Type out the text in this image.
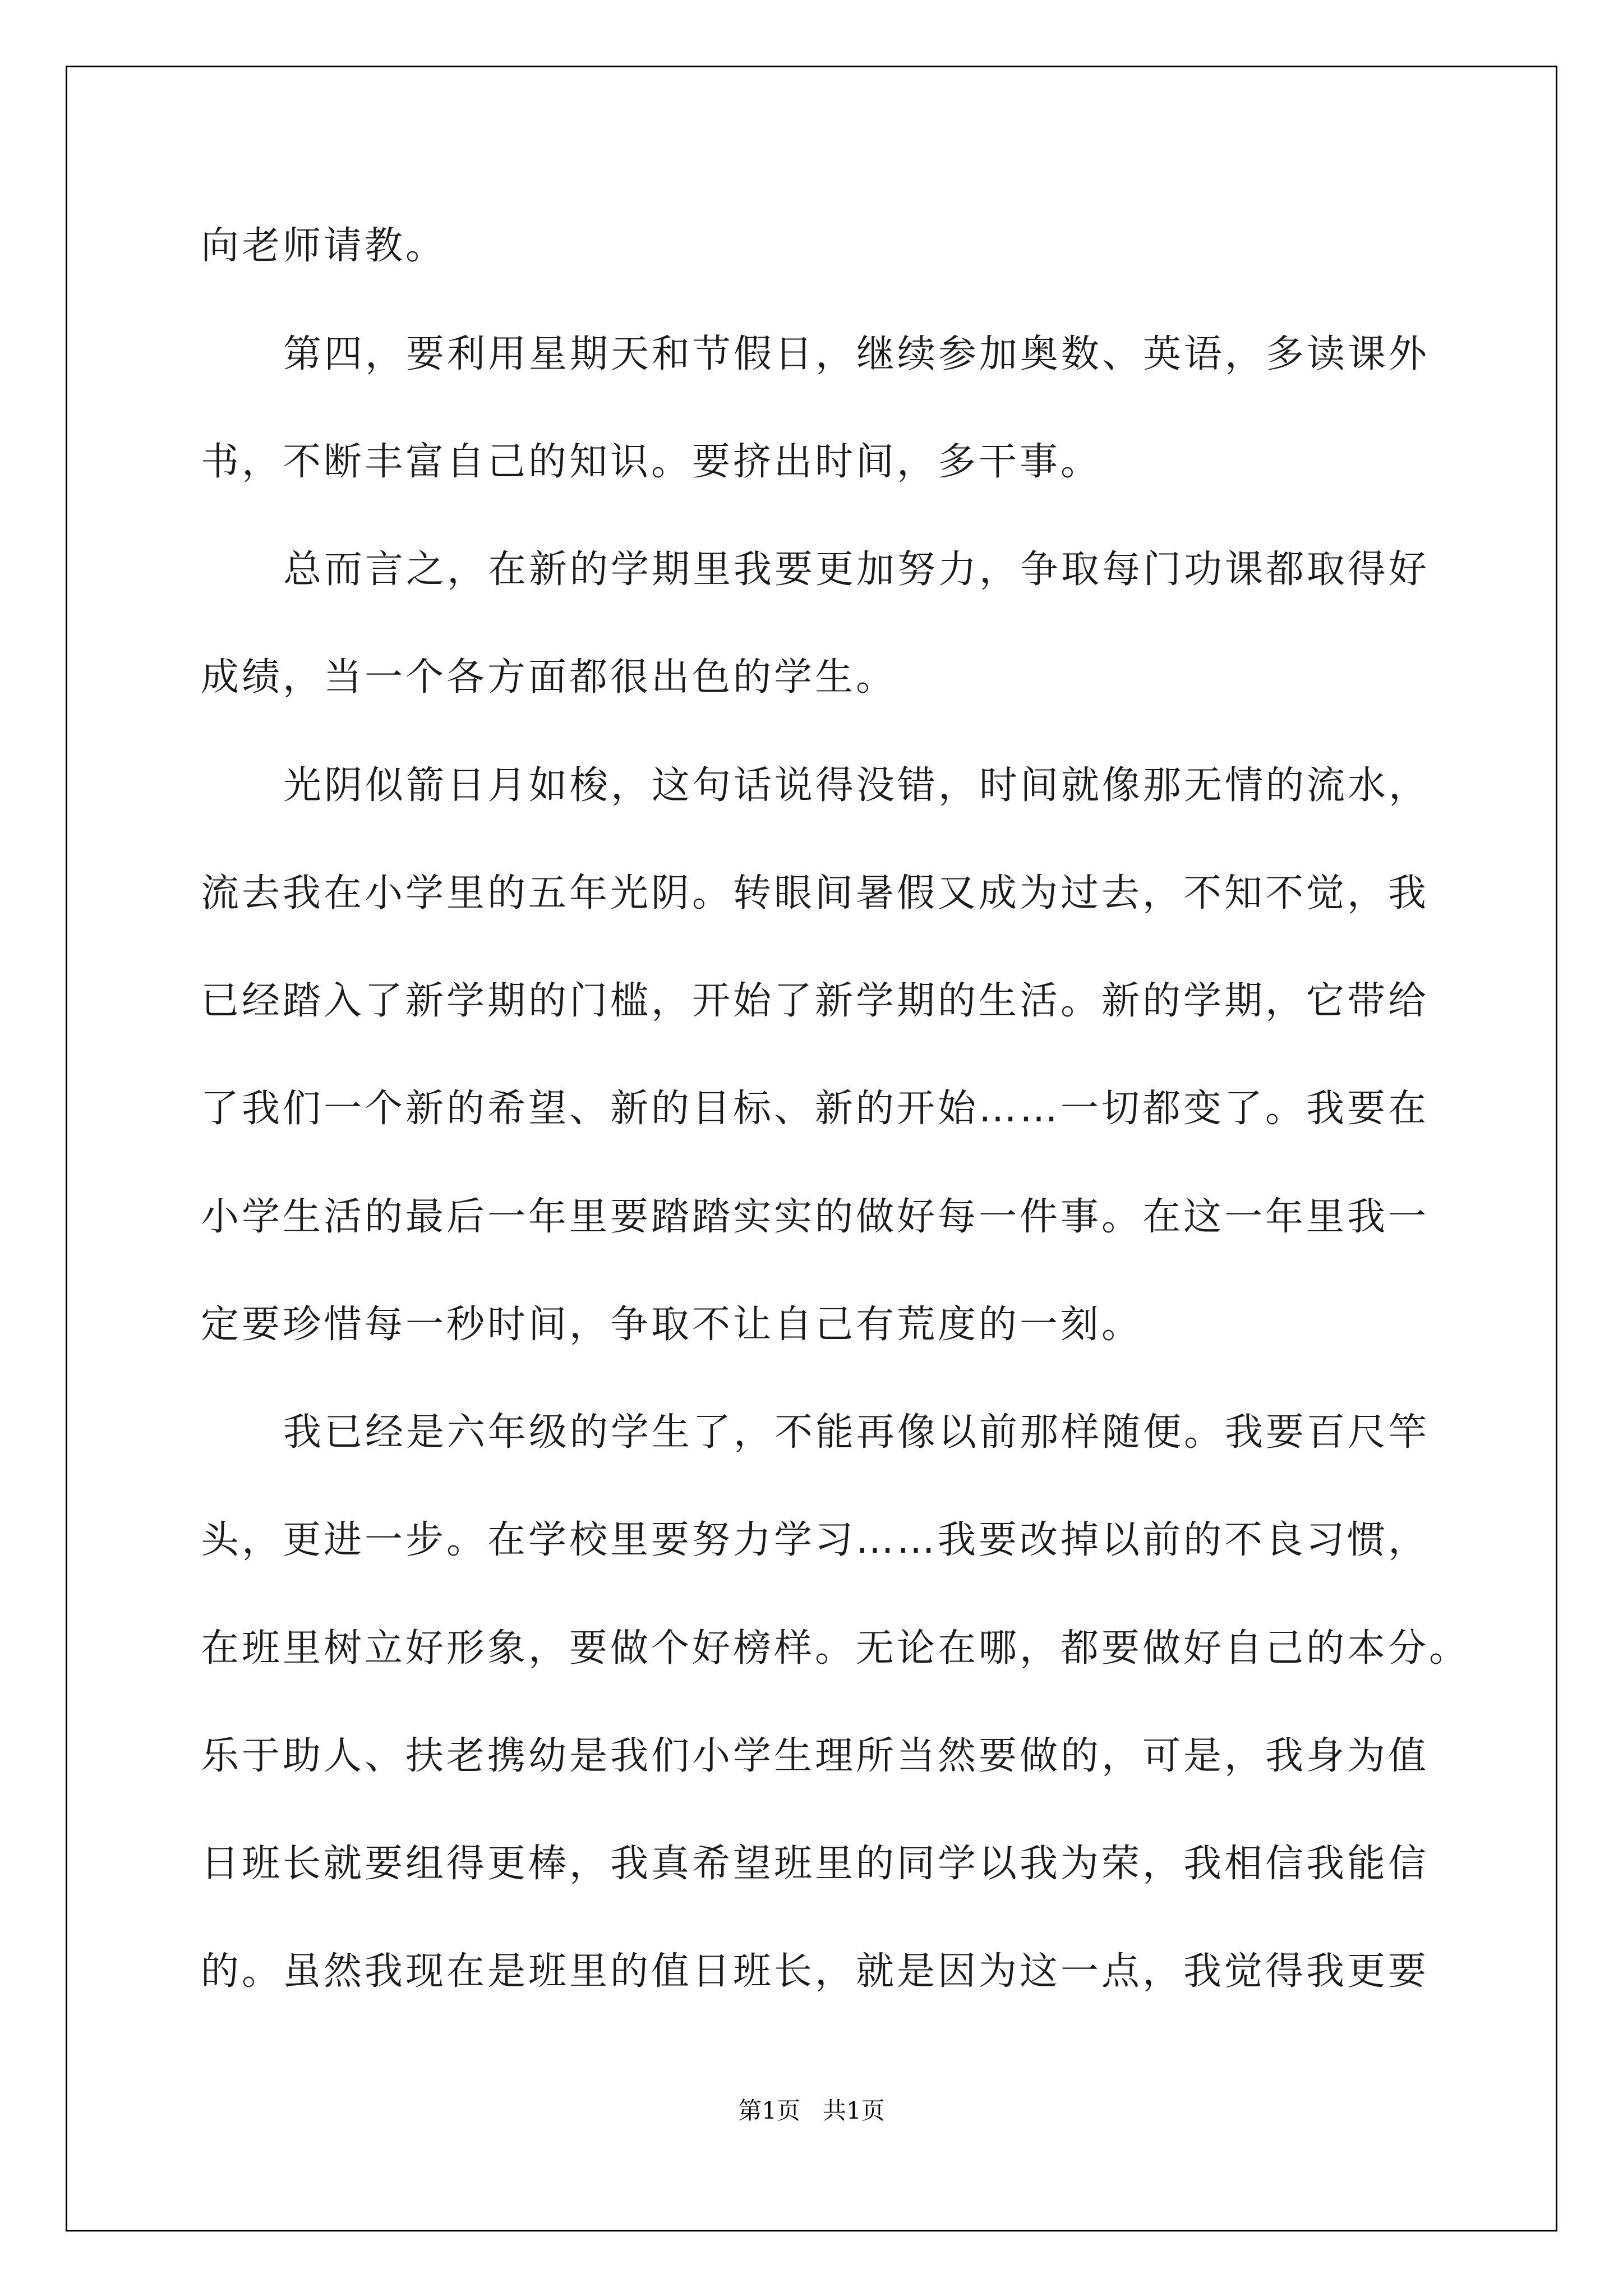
向老师请教。
第四，要利用星期天和节假日，继续参加奥数、英语，多读课外
书，不断丰富自己的知识。要挤出时间，多干事。
总而言之，在新的学期里我要更加努力，争取每门功课都取得好
成绩，当一个各方面都很出色的学生。
光阴似箭日月如梭，这句话说得没错，时间就像那无情的流水，
流去我在小学里的五年光阴。转眼间暑假又成为过去，不知不觉，我
已经踏入了新学期的门槛，开始了新学期的生活。新的学期，它带给
了我们一个新的希望、新的目标、新的开始……一切都变了。我要在
小学生活的最后一年里要踏踏实实的做好每一件事。在这一年里我一
定要珍惜每一秒时间，争取不让自己有荒度的一刻。
我已经是六年级的学生了，不能再像以前那样随便。我要百尺竿
头，更进一步。在学校里要努力学习……我要改掉以前的不良习惯，
在班里树立好形象，要做个好榜样。无论在哪，都要做好自己的本分。
乐于助人、扶老携幼是我们小学生理所当然要做的，可是，我身为值
日班长就要组得更棒，我真希望班里的同学以我为荣，我相信我能信
的。虽然我现在是班里的值日班长，就是因为这一点，我觉得我更要
第1页   共1页
